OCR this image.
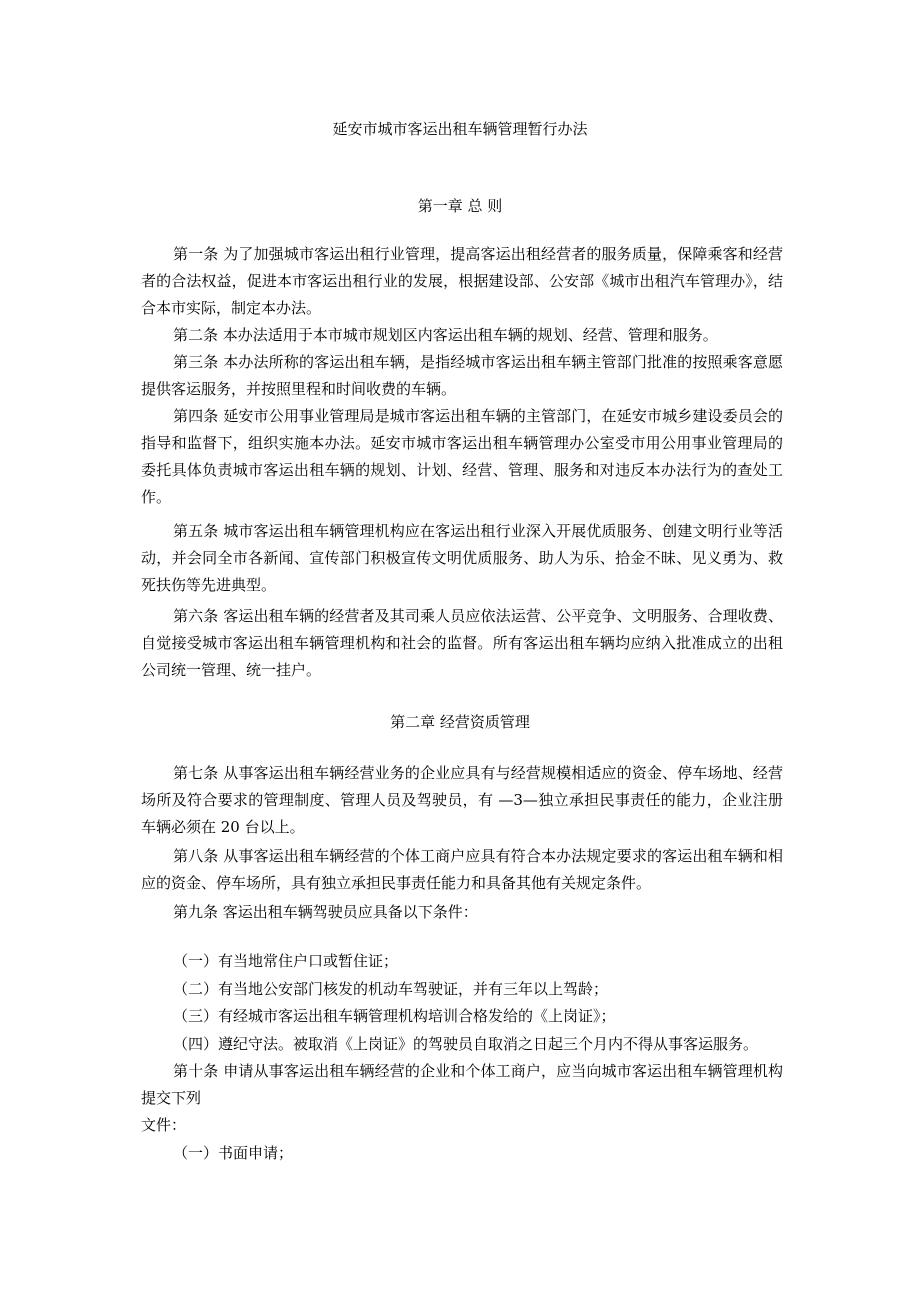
延安市城市客运出租车辆管理暂行办法
第一章 总 则

第一条 为了加强城市客运出租行业管理，提高客运出租经营者的服务质量，保障乘客和经营者的合法权益，促进本市客运出租行业的发展，根据建设部、公安部《城市出租汽车管理办》，结合本市实际，制定本办法。

第二条 本办法适用于本市城市规划区内客运出租车辆的规划、经营、管理和服务。

第三条 本办法所称的客运出租车辆，是指经城市客运出租车辆主管部门批准的按照乘客意愿提供客运服务，并按照里程和时间收费的车辆。

第四条 延安市公用事业管理局是城市客运出租车辆的主管部门，在延安市城乡建设委员会的指导和监督下，组织实施本办法。延安市城市客运出租车辆管理办公室受市用公用事业管理局的委托具体负责城市客运出租车辆的规划、计划、经营、管理、服务和对违反本办法行为的查处工作。

第五条 城市客运出租车辆管理机构应在客运出租行业深入开展优质服务、创建文明行业等活动，并会同全市各新闻、宣传部门积极宣传文明优质服务、助人为乐、拾金不昧、见义勇为、救死扶伤等先进典型。

第六条 客运出租车辆的经营者及其司乘人员应依法运营、公平竞争、文明服务、合理收费、自觉接受城市客运出租车辆管理机构和社会的监督。所有客运出租车辆均应纳入批准成立的出租公司统一管理、统一挂户。

第二章 经营资质管理

第七条 从事客运出租车辆经营业务的企业应具有与经营规模相适应的资金、停车场地、经营场所及符合要求的管理制度、管理人员及驾驶员，有 —3—独立承担民事责任的能力，企业注册车辆必须在 20 台以上。

第八条 从事客运出租车辆经营的个体工商户应具有符合本办法规定要求的客运出租车辆和相应的资金、停车场所，具有独立承担民事责任能力和具备其他有关规定条件。

第九条 客运出租车辆驾驶员应具备以下条件：

（一）有当地常住户口或暂住证；
（二）有当地公安部门核发的机动车驾驶证，并有三年以上驾龄；
（三）有经城市客运出租车辆管理机构培训合格发给的《上岗证》；
（四）遵纪守法。被取消《上岗证》的驾驶员自取消之日起三个月内不得从事客运服务。

第十条 申请从事客运出租车辆经营的企业和个体工商户，应当向城市客运出租车辆管理机构提交下列

文件：

（一）书面申请；
